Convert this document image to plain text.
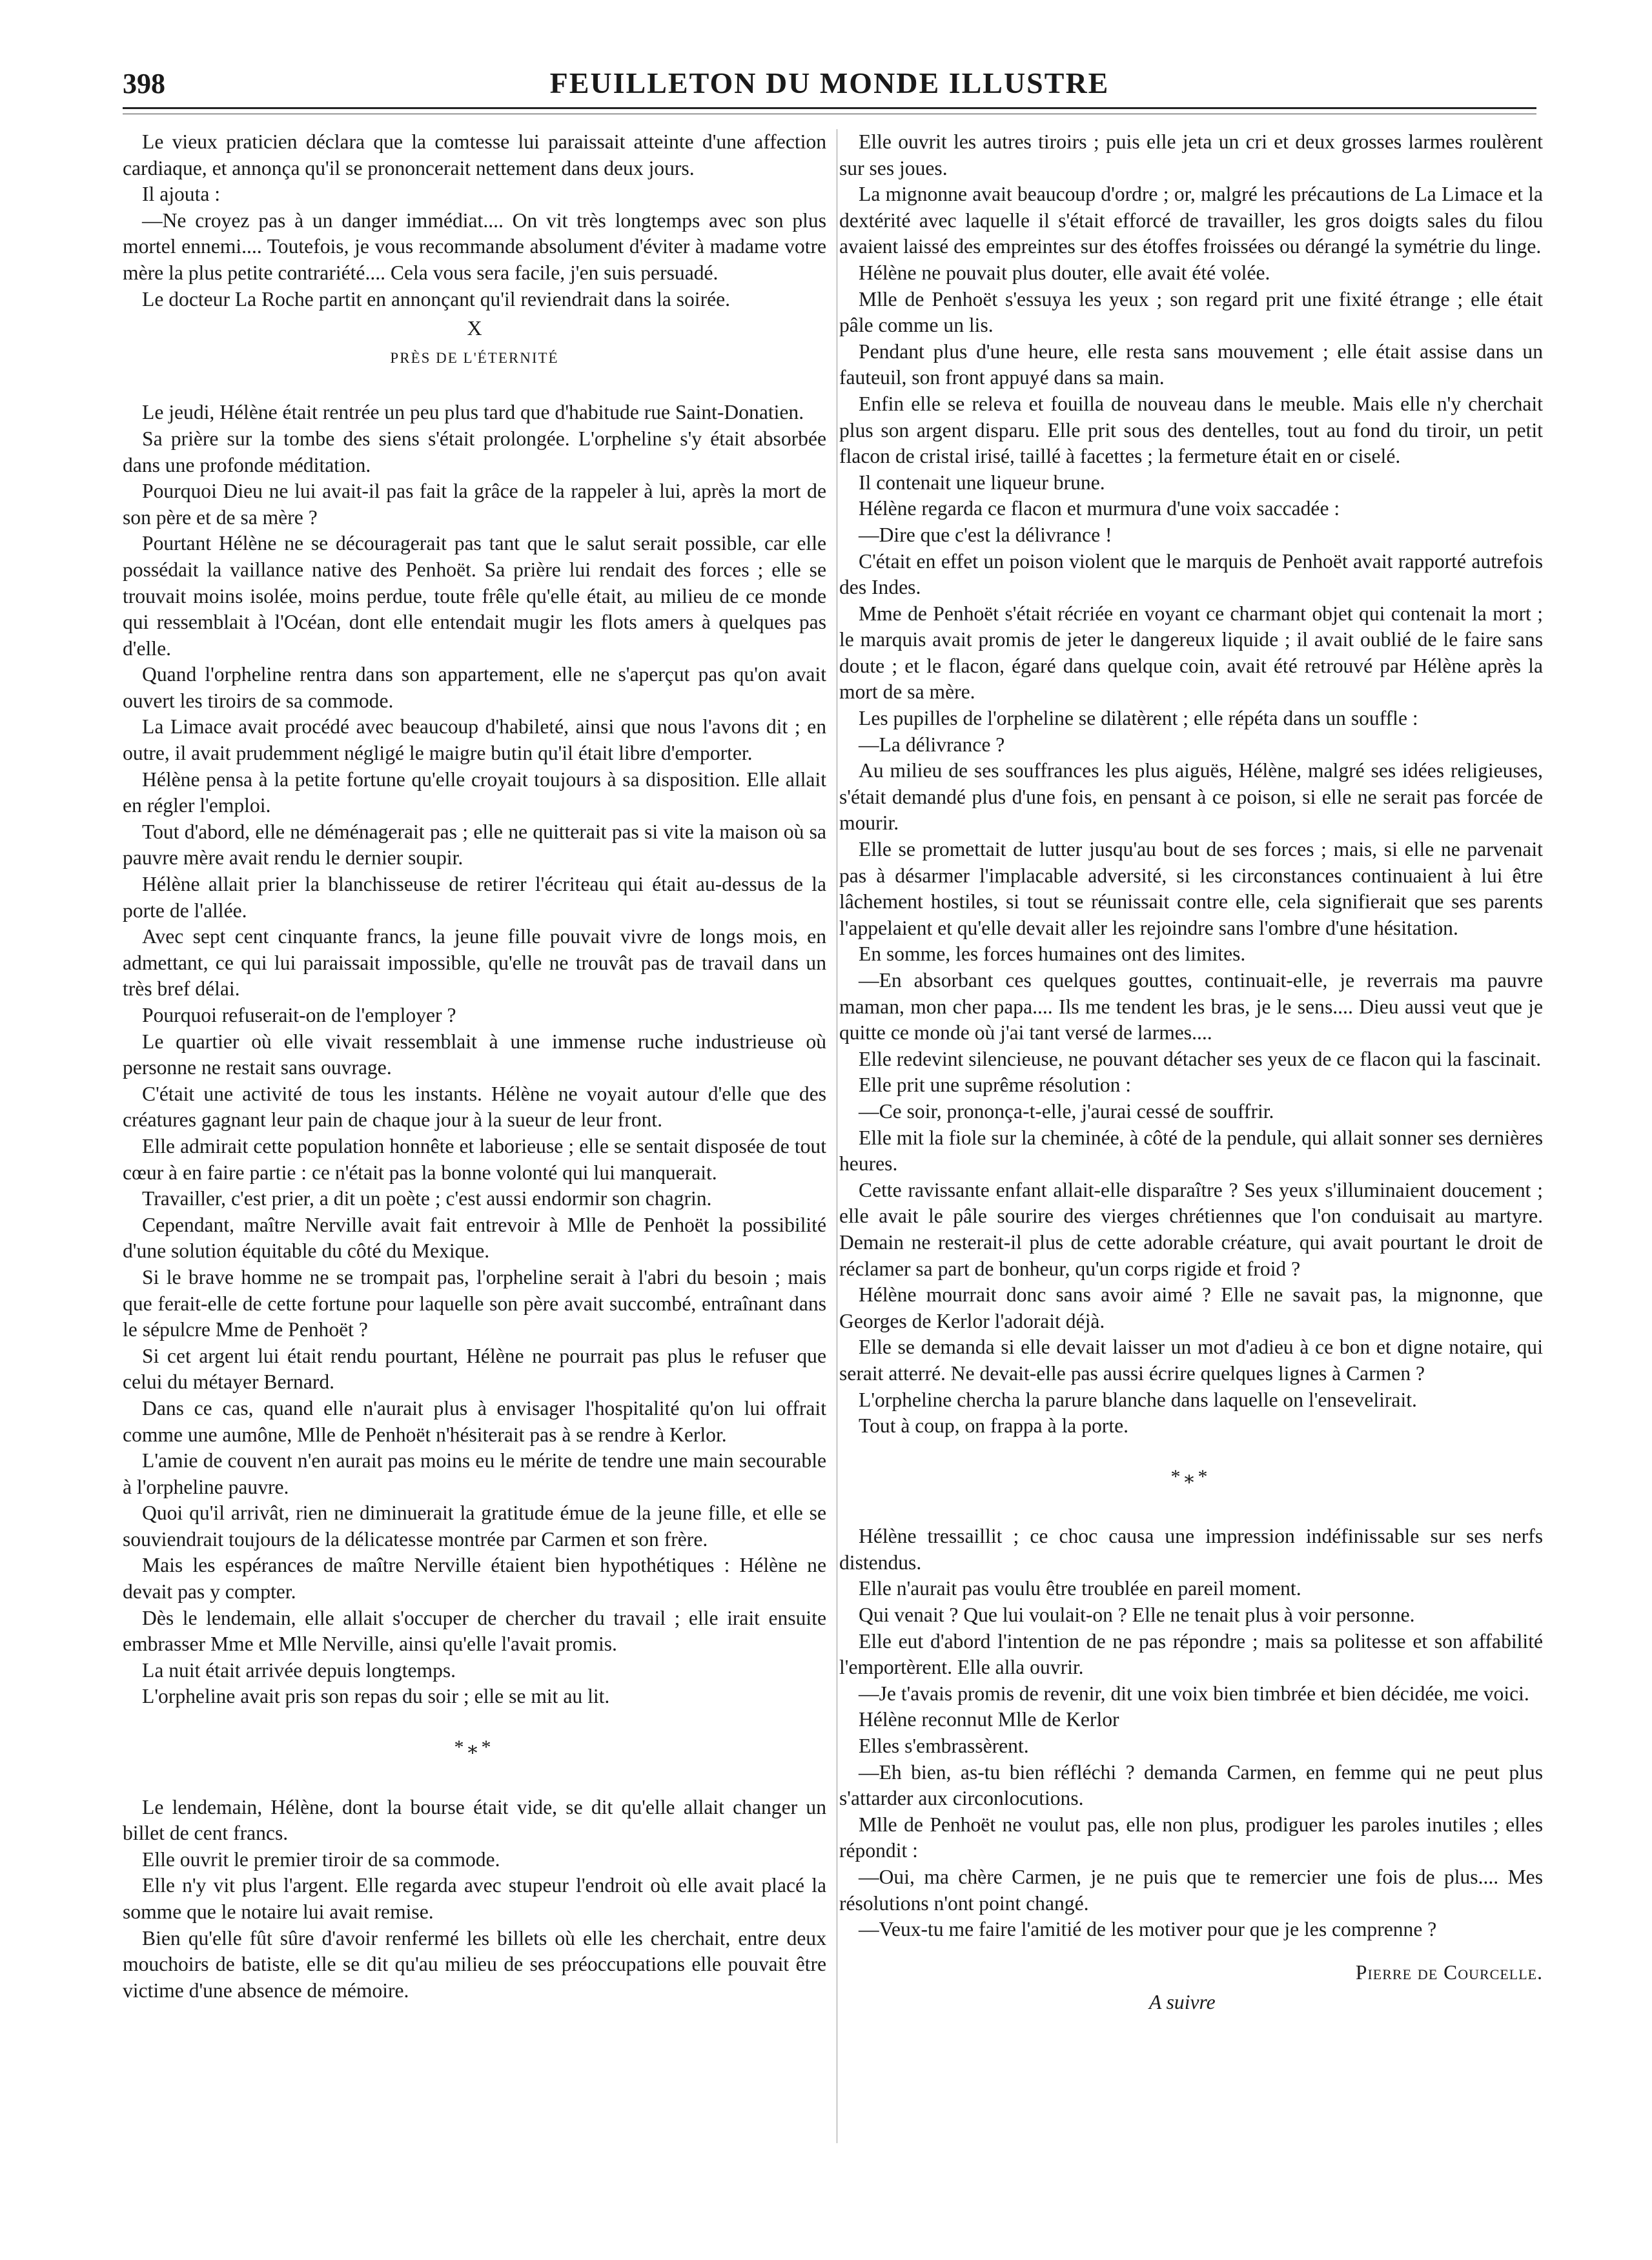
398	FEUILLETON DU MONDE ILLUSTRE

Le vieux praticien déclara que la comtesse lui paraissait atteinte d'une affection cardiaque, et annonça qu'il se prononcerait nettement dans deux jours.

Il ajouta :

—Ne croyez pas à un danger immédiat.... On vit très longtemps avec son plus mortel ennemi.... Toutefois, je vous recommande absolument d'éviter à madame votre mère la plus petite contrariété.... Cela vous sera facile, j'en suis persuadé.

Le docteur La Roche partit en annonçant qu'il reviendrait dans la soirée.

X

PRÈS DE L'ÉTERNITÉ

Le jeudi, Hélène était rentrée un peu plus tard que d'habitude rue Saint-Donatien.

Sa prière sur la tombe des siens s'était prolongée. L'orpheline s'y était absorbée dans une profonde méditation.

Pourquoi Dieu ne lui avait-il pas fait la grâce de la rappeler à lui, après la mort de son père et de sa mère ?

Pourtant Hélène ne se découragerait pas tant que le salut serait possible, car elle possédait la vaillance native des Penhoët. Sa prière lui rendait des forces ; elle se trouvait moins isolée, moins perdue, toute frêle qu'elle était, au milieu de ce monde qui ressemblait à l'Océan, dont elle entendait mugir les flots amers à quelques pas d'elle.

Quand l'orpheline rentra dans son appartement, elle ne s'aperçut pas qu'on avait ouvert les tiroirs de sa commode.

La Limace avait procédé avec beaucoup d'habileté, ainsi que nous l'avons dit ; en outre, il avait prudemment négligé le maigre butin qu'il était libre d'emporter.

Hélène pensa à la petite fortune qu'elle croyait toujours à sa disposition. Elle allait en régler l'emploi.

Tout d'abord, elle ne déménagerait pas ; elle ne quitterait pas si vite la maison où sa pauvre mère avait rendu le dernier soupir.

Hélène allait prier la blanchisseuse de retirer l'écriteau qui était au-dessus de la porte de l'allée.

Avec sept cent cinquante francs, la jeune fille pouvait vivre de longs mois, en admettant, ce qui lui paraissait impossible, qu'elle ne trouvât pas de travail dans un très bref délai.

Pourquoi refuserait-on de l'employer ?

Le quartier où elle vivait ressemblait à une immense ruche industrieuse où personne ne restait sans ouvrage.

C'était une activité de tous les instants. Hélène ne voyait autour d'elle que des créatures gagnant leur pain de chaque jour à la sueur de leur front.

Elle admirait cette population honnête et laborieuse ; elle se sentait disposée de tout cœur à en faire partie : ce n'était pas la bonne volonté qui lui manquerait.

Travailler, c'est prier, a dit un poète ; c'est aussi endormir son chagrin.

Cependant, maître Nerville avait fait entrevoir à Mlle de Penhoët la possibilité d'une solution équitable du côté du Mexique.

Si le brave homme ne se trompait pas, l'orpheline serait à l'abri du besoin ; mais que ferait-elle de cette fortune pour laquelle son père avait succombé, entraînant dans le sépulcre Mme de Penhoët ?

Si cet argent lui était rendu pourtant, Hélène ne pourrait pas plus le refuser que celui du métayer Bernard.

Dans ce cas, quand elle n'aurait plus à envisager l'hospitalité qu'on lui offrait comme une aumône, Mlle de Penhoët n'hésiterait pas à se rendre à Kerlor.

L'amie de couvent n'en aurait pas moins eu le mérite de tendre une main secourable à l'orpheline pauvre.

Quoi qu'il arrivât, rien ne diminuerait la gratitude émue de la jeune fille, et elle se souviendrait toujours de la délicatesse montrée par Carmen et son frère.

Mais les espérances de maître Nerville étaient bien hypothétiques : Hélène ne devait pas y compter.

Dès le lendemain, elle allait s'occuper de chercher du travail ; elle irait ensuite embrasser Mme et Mlle Nerville, ainsi qu'elle l'avait promis.

La nuit était arrivée depuis longtemps.

L'orpheline avait pris son repas du soir ; elle se mit au lit.

*⁎*

Le lendemain, Hélène, dont la bourse était vide, se dit qu'elle allait changer un billet de cent francs.

Elle ouvrit le premier tiroir de sa commode.

Elle n'y vit plus l'argent. Elle regarda avec stupeur l'endroit où elle avait placé la somme que le notaire lui avait remise.

Bien qu'elle fût sûre d'avoir renfermé les billets où elle les cherchait, entre deux mouchoirs de batiste, elle se dit qu'au milieu de ses préoccupations elle pouvait être victime d'une absence de mémoire.

Elle ouvrit les autres tiroirs ; puis elle jeta un cri et deux grosses larmes roulèrent sur ses joues.

La mignonne avait beaucoup d'ordre ; or, malgré les précautions de La Limace et la dextérité avec laquelle il s'était efforcé de travailler, les gros doigts sales du filou avaient laissé des empreintes sur des étoffes froissées ou dérangé la symétrie du linge.

Hélène ne pouvait plus douter, elle avait été volée.

Mlle de Penhoët s'essuya les yeux ; son regard prit une fixité étrange ; elle était pâle comme un lis.

Pendant plus d'une heure, elle resta sans mouvement ; elle était assise dans un fauteuil, son front appuyé dans sa main.

Enfin elle se releva et fouilla de nouveau dans le meuble. Mais elle n'y cherchait plus son argent disparu. Elle prit sous des dentelles, tout au fond du tiroir, un petit flacon de cristal irisé, taillé à facettes ; la fermeture était en or ciselé.

Il contenait une liqueur brune.

Hélène regarda ce flacon et murmura d'une voix saccadée :

—Dire que c'est la délivrance !

C'était en effet un poison violent que le marquis de Penhoët avait rapporté autrefois des Indes.

Mme de Penhoët s'était récriée en voyant ce charmant objet qui contenait la mort ; le marquis avait promis de jeter le dangereux liquide ; il avait oublié de le faire sans doute ; et le flacon, égaré dans quelque coin, avait été retrouvé par Hélène après la mort de sa mère.

Les pupilles de l'orpheline se dilatèrent ; elle répéta dans un souffle :

—La délivrance ?

Au milieu de ses souffrances les plus aiguës, Hélène, malgré ses idées religieuses, s'était demandé plus d'une fois, en pensant à ce poison, si elle ne serait pas forcée de mourir.

Elle se promettait de lutter jusqu'au bout de ses forces ; mais, si elle ne parvenait pas à désarmer l'implacable adversité, si les circonstances continuaient à lui être lâchement hostiles, si tout se réunissait contre elle, cela signifierait que ses parents l'appelaient et qu'elle devait aller les rejoindre sans l'ombre d'une hésitation.

En somme, les forces humaines ont des limites.

—En absorbant ces quelques gouttes, continuait-elle, je reverrais ma pauvre maman, mon cher papa.... Ils me tendent les bras, je le sens.... Dieu aussi veut que je quitte ce monde où j'ai tant versé de larmes....

Elle redevint silencieuse, ne pouvant détacher ses yeux de ce flacon qui la fascinait.

Elle prit une suprême résolution :

—Ce soir, prononça-t-elle, j'aurai cessé de souffrir.

Elle mit la fiole sur la cheminée, à côté de la pendule, qui allait sonner ses dernières heures.

Cette ravissante enfant allait-elle disparaître ? Ses yeux s'illuminaient doucement ; elle avait le pâle sourire des vierges chrétiennes que l'on conduisait au martyre. Demain ne resterait-il plus de cette adorable créature, qui avait pourtant le droit de réclamer sa part de bonheur, qu'un corps rigide et froid ?

Hélène mourrait donc sans avoir aimé ? Elle ne savait pas, la mignonne, que Georges de Kerlor l'adorait déjà.

Elle se demanda si elle devait laisser un mot d'adieu à ce bon et digne notaire, qui serait atterré. Ne devait-elle pas aussi écrire quelques lignes à Carmen ?

L'orpheline chercha la parure blanche dans laquelle on l'ensevelirait.

Tout à coup, on frappa à la porte.

*⁎*

Hélène tressaillit ; ce choc causa une impression indéfinissable sur ses nerfs distendus.

Elle n'aurait pas voulu être troublée en pareil moment.

Qui venait ? Que lui voulait-on ? Elle ne tenait plus à voir personne.

Elle eut d'abord l'intention de ne pas répondre ; mais sa politesse et son affabilité l'emportèrent. Elle alla ouvrir.

—Je t'avais promis de revenir, dit une voix bien timbrée et bien décidée, me voici.

Hélène reconnut Mlle de Kerlor

Elles s'embrassèrent.

—Eh bien, as-tu bien réfléchi ? demanda Carmen, en femme qui ne peut plus s'attarder aux circonlocutions.

Mlle de Penhoët ne voulut pas, elle non plus, prodiguer les paroles inutiles ; elles répondit :

—Oui, ma chère Carmen, je ne puis que te remercier une fois de plus.... Mes résolutions n'ont point changé.

—Veux-tu me faire l'amitié de les motiver pour que je les comprenne ?

Pierre de Courcelle.

A suivre
